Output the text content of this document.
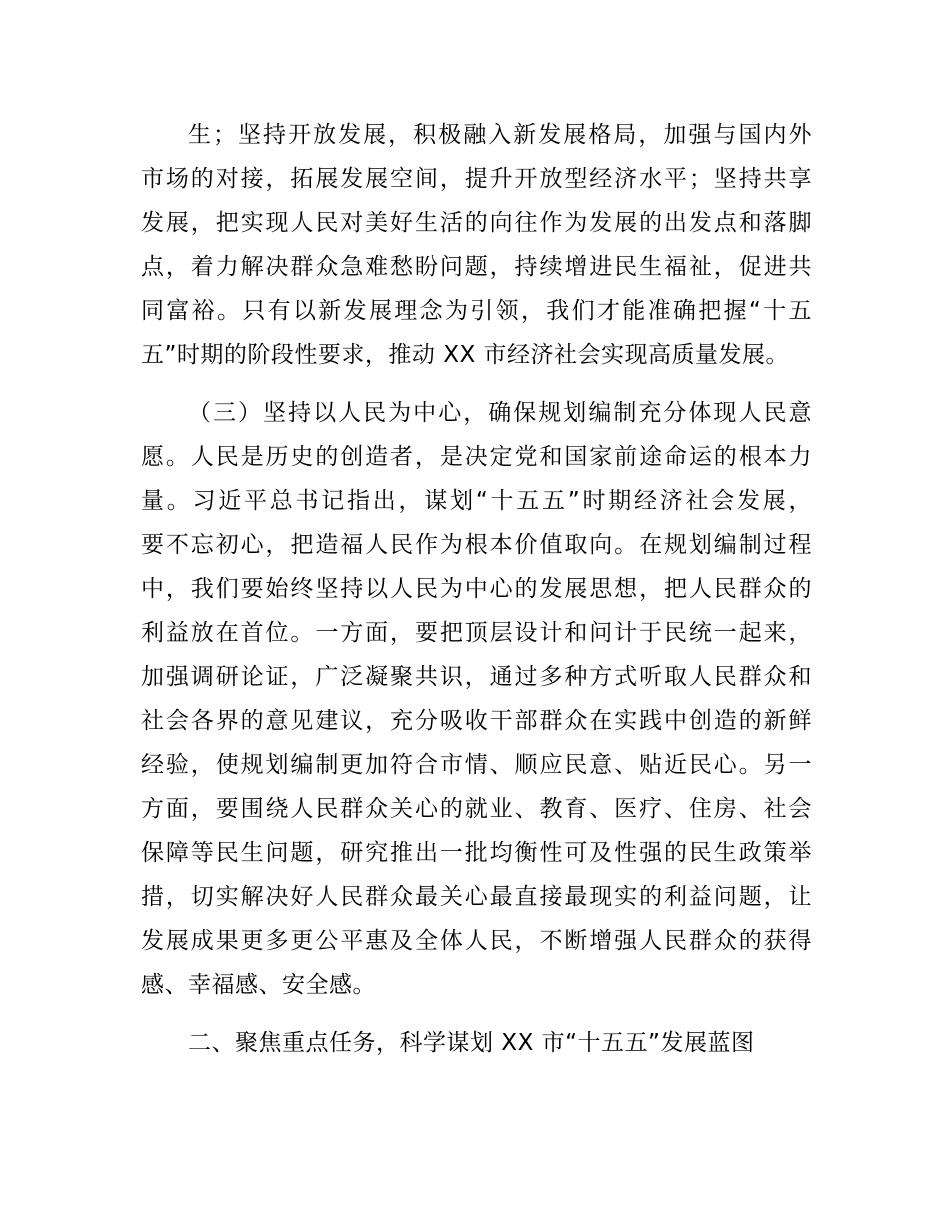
生；坚持开放发展，积极融入新发展格局，加强与国内外
市场的对接，拓展发展空间，提升开放型经济水平；坚持共享
发展，把实现人民对美好生活的向往作为发展的出发点和落脚
点，着力解决群众急难愁盼问题，持续增进民生福祉，促进共
同富裕。只有以新发展理念为引领，我们才能准确把握“十五
五”时期的阶段性要求，推动 XX 市经济社会实现高质量发展。
（三）坚持以人民为中心，确保规划编制充分体现人民意
愿。人民是历史的创造者，是决定党和国家前途命运的根本力
量。习近平总书记指出，谋划“十五五”时期经济社会发展，
要不忘初心，把造福人民作为根本价值取向。在规划编制过程
中，我们要始终坚持以人民为中心的发展思想，把人民群众的
利益放在首位。一方面，要把顶层设计和问计于民统一起来，
加强调研论证，广泛凝聚共识，通过多种方式听取人民群众和
社会各界的意见建议，充分吸收干部群众在实践中创造的新鲜
经验，使规划编制更加符合市情、顺应民意、贴近民心。另一
方面，要围绕人民群众关心的就业、教育、医疗、住房、社会
保障等民生问题，研究推出一批均衡性可及性强的民生政策举
措，切实解决好人民群众最关心最直接最现实的利益问题，让
发展成果更多更公平惠及全体人民，不断增强人民群众的获得
感、幸福感、安全感。
二、聚焦重点任务，科学谋划 XX 市“十五五”发展蓝图
